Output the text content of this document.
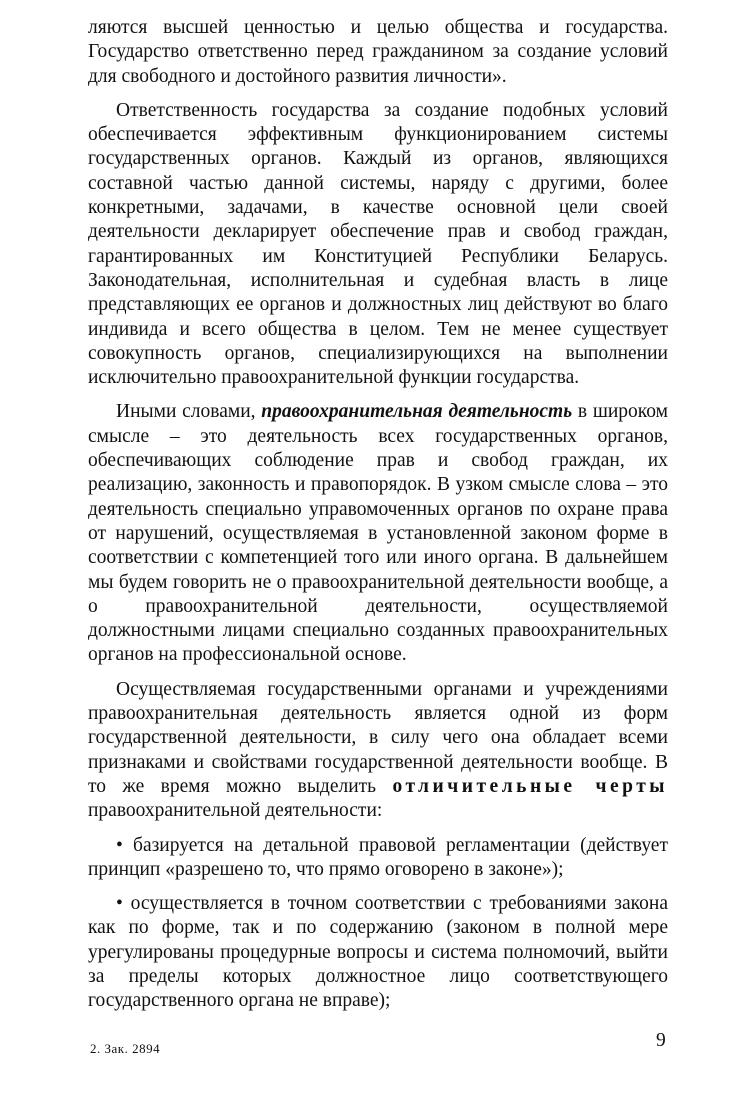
ляются высшей ценностью и целью общества и государства. Государство ответственно перед гражданином за создание условий для свободного и достойного развития личности».

Ответственность государства за создание подобных условий обеспечивается эффективным функционированием системы государственных органов. Каждый из органов, являющихся составной частью данной системы, наряду с другими, более конкретными, задачами, в качестве основной цели своей деятельности декларирует обеспечение прав и свобод граждан, гарантированных им Конституцией Республики Беларусь. Законодательная, исполнительная и судебная власть в лице представляющих ее органов и должностных лиц действуют во благо индивида и всего общества в целом. Тем не менее существует совокупность органов, специализирующихся на выполнении исключительно правоохранительной функции государства.

Иными словами, правоохранительная деятельность в широком смысле – это деятельность всех государственных органов, обеспечивающих соблюдение прав и свобод граждан, их реализацию, законность и правопорядок. В узком смысле слова – это деятельность специально управомоченных органов по охране права от нарушений, осуществляемая в установленной законом форме в соответствии с компетенцией того или иного органа. В дальнейшем мы будем говорить не о правоохранительной деятельности вообще, а о правоохранительной деятельности, осуществляемой должностными лицами специально созданных правоохранительных органов на профессиональной основе.

Осуществляемая государственными органами и учреждениями правоохранительная деятельность является одной из форм государственной деятельности, в силу чего она обладает всеми признаками и свойствами государственной деятельности вообще. В то же время можно выделить отличительные черты правоохранительной деятельности:

• базируется на детальной правовой регламентации (действует принцип «разрешено то, что прямо оговорено в законе»);

• осуществляется в точном соответствии с требованиями закона как по форме, так и по содержанию (законом в полной мере урегулированы процедурные вопросы и система полномочий, выйти за пределы которых должностное лицо соответствующего государственного органа не вправе);

2. Зак. 2894	9
